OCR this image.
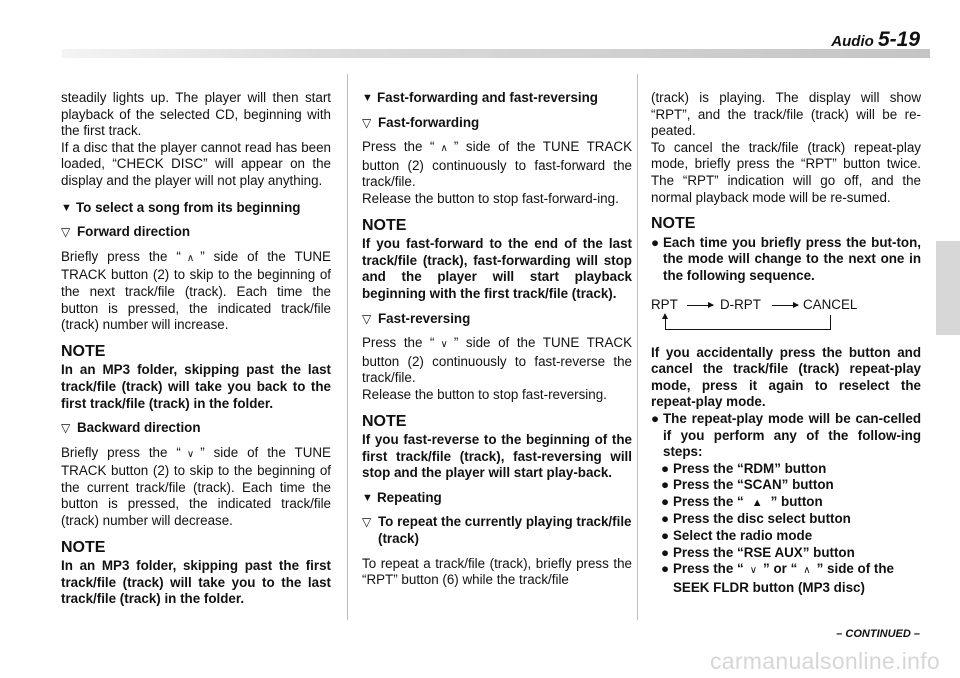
Audio 5-19

steadily lights up. The player will then start playback of the selected CD, beginning with the first track.

If a disc that the player cannot read has been loaded, “CHECK DISC” will appear on the display and the player will not play anything.

▼ To select a song from its beginning
▽ Forward direction

Briefly press the “ ∧ ” side of the TUNE TRACK button (2) to skip to the beginning of the next track/file (track). Each time the button is pressed, the indicated track/file (track) number will increase.

NOTE
In an MP3 folder, skipping past the last track/file (track) will take you back to the first track/file (track) in the folder.
▽ Backward direction

Briefly press the “ ∨ ” side of the TUNE TRACK button (2) to skip to the beginning of the current track/file (track). Each time the button is pressed, the indicated track/file (track) number will decrease.

NOTE
In an MP3 folder, skipping past the first track/file (track) will take you to the last track/file (track) in the folder.
▼ Fast-forwarding and fast-reversing
▽ Fast-forwarding

Press the “ ∧ ” side of the TUNE TRACK button (2) continuously to fast-forward the track/file.

Release the button to stop fast-forward-ing.

NOTE
If you fast-forward to the end of the last track/file (track), fast-forwarding will stop and the player will start playback beginning with the first track/file (track).
▽ Fast-reversing

Press the “ ∨ ” side of the TUNE TRACK button (2) continuously to fast-reverse the track/file.

Release the button to stop fast-reversing.

NOTE
If you fast-reverse to the beginning of the first track/file (track), fast-reversing will stop and the player will start play-back.
▼ Repeating
▽ To repeat the currently playing track/file (track)

To repeat a track/file (track), briefly press the “RPT” button (6) while the track/file

(track) is playing. The display will show “RPT”, and the track/file (track) will be re-peated.

To cancel the track/file (track) repeat-play mode, briefly press the “RPT” button twice. The “RPT” indication will go off, and the normal playback mode will be re-sumed.

NOTE
● Each time you briefly press the but-ton, the mode will change to the next one in the following sequence.
RPT	D-RPT	CANCEL
If you accidentally press the button and cancel the track/file (track) repeat-play mode, press it again to reselect the repeat-play mode.
● The repeat-play mode will be can-celled if you perform any of the follow-ing steps:
● Press the “RDM” button
● Press the “SCAN” button
● Press the “ ▲ ” button
● Press the disc select button
● Select the radio mode
● Press the “RSE AUX” button
● Press the “ ∨ ” or “ ∧ ” side of the SEEK FLDR button (MP3 disc)
– CONTINUED –
carmanualsonline.info
